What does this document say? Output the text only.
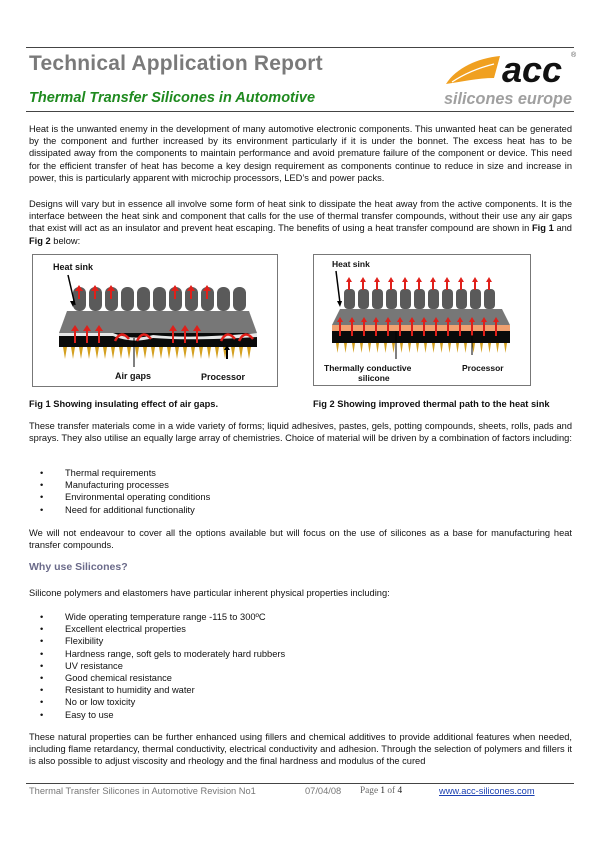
Technical Application Report
Thermal Transfer Silicones in Automotive
acc ®
silicones europe
Heat is the unwanted enemy in the development of many automotive electronic components. This unwanted heat can be generated by the component and further increased by its environment particularly if it is under the bonnet. The excess heat has to be dissipated away from the components to maintain performance and avoid premature failure of the component or device. This need for the efficient transfer of heat has become a key design requirement as components continue to reduce in size and increase in power, this is particularly apparent with microchip processors, LED’s and power packs.
Designs will vary but in essence all involve some form of heat sink to dissipate the heat away from the active components. It is the interface between the heat sink and component that calls for the use of thermal transfer compounds, without their use any air gaps that exist will act as an insulator and prevent heat escaping. The benefits of using a heat transfer compound are shown in Fig 1 and Fig 2 below:
Heat sink
Air gaps	Processor
Heat sink
Thermally conductive
silicone
Processor
Fig 1 Showing insulating effect of air gaps.	Fig 2 Showing improved thermal path to the heat sink
These transfer materials come in a wide variety of forms; liquid adhesives, pastes, gels, potting compounds, sheets, rolls, pads and sprays. They also utilise an equally large array of chemistries. Choice of material will be driven by a combination of factors including:
• Thermal requirements
• Manufacturing processes
• Environmental operating conditions
• Need for additional functionality
We will not endeavour to cover all the options available but will focus on the use of silicones as a base for manufacturing heat transfer compounds.
Why use Silicones?
Silicone polymers and elastomers have particular inherent physical properties including:
• Wide operating temperature range -115 to 300ºC
• Excellent electrical properties
• Flexibility
• Hardness range, soft gels to moderately hard rubbers
• UV resistance
• Good chemical resistance
• Resistant to humidity and water
• No or low toxicity
• Easy to use
These natural properties can be further enhanced using fillers and chemical additives to provide additional features when needed, including flame retardancy, thermal conductivity, electrical conductivity and adhesion. Through the selection of polymers and fillers it is also possible to adjust viscosity and rheology and the final hardness and modulus of the cured
Thermal Transfer Silicones in Automotive Revision No1	07/04/08 Page 1 of 4	www.acc-silicones.com
